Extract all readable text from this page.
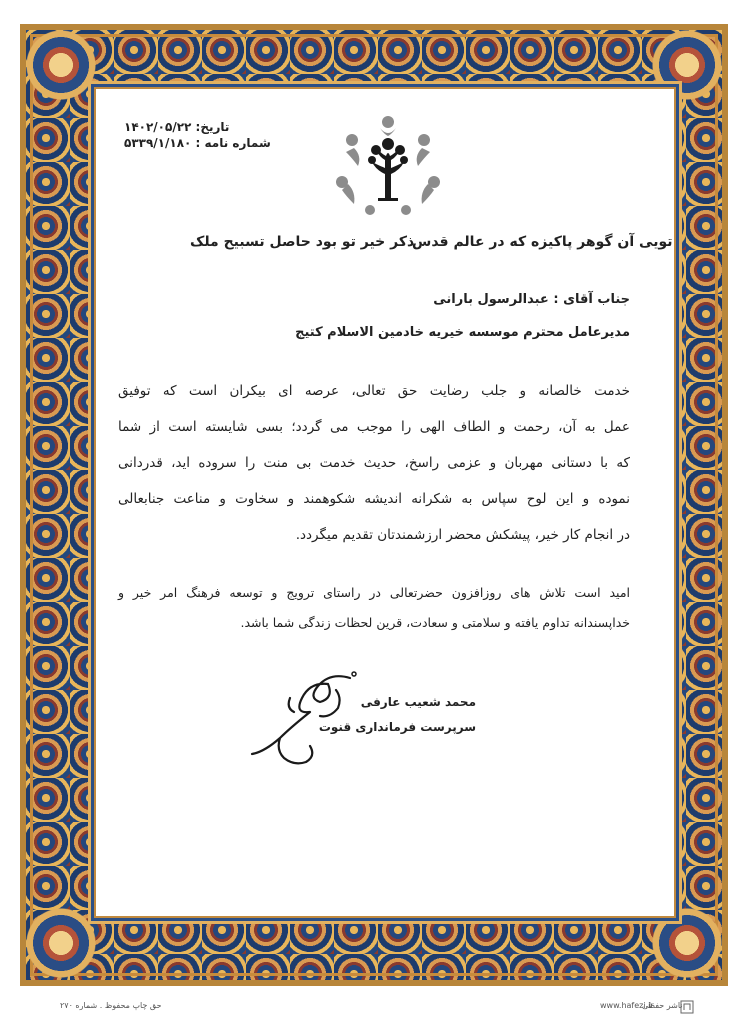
تاریخ: ۱۴۰۲/۰۵/۲۲
شماره نامه : ۵۳۳۹/۱/۱۸۰
تویی آن گوهر پاکیزه که در عالم قدس
ذکر خیر تو بود حاصل تسبیح ملک
جناب آقای : عبدالرسول بارانی
مدیرعامل محترم موسسه خیریه خادمین الاسلام کتیج
خدمت خالصانه و جلب رضایت حق تعالی، عرصه ای بیکران است که توفیق
عمل به آن، رحمت و الطاف الهی را موجب می گردد؛ بسی شایسته است از شما
که با دستانی مهربان و عزمی راسخ، حدیث خدمت بی منت را سروده اید، قدردانی
نموده و این لوح سپاس به شکرانه اندیشه شکوهمند و سخاوت و مناعت جنابعالی
در انجام کار خیر، پیشکش محضر ارزشمندتان تقدیم میگردد.
امید است تلاش های روزافزون حضرتعالی در راستای ترویج و توسعه فرهنگ امر خیر و
خداپسندانه تداوم یافته و سلامتی و سعادت، قرین لحظات زندگی شما باشد.
محمد شعیب عارفی
سرپرست فرمانداری قنوت
حق چاپ محفوظ . شماره ۲۷۰	www.hafezi.ir
ناشر حفظی
